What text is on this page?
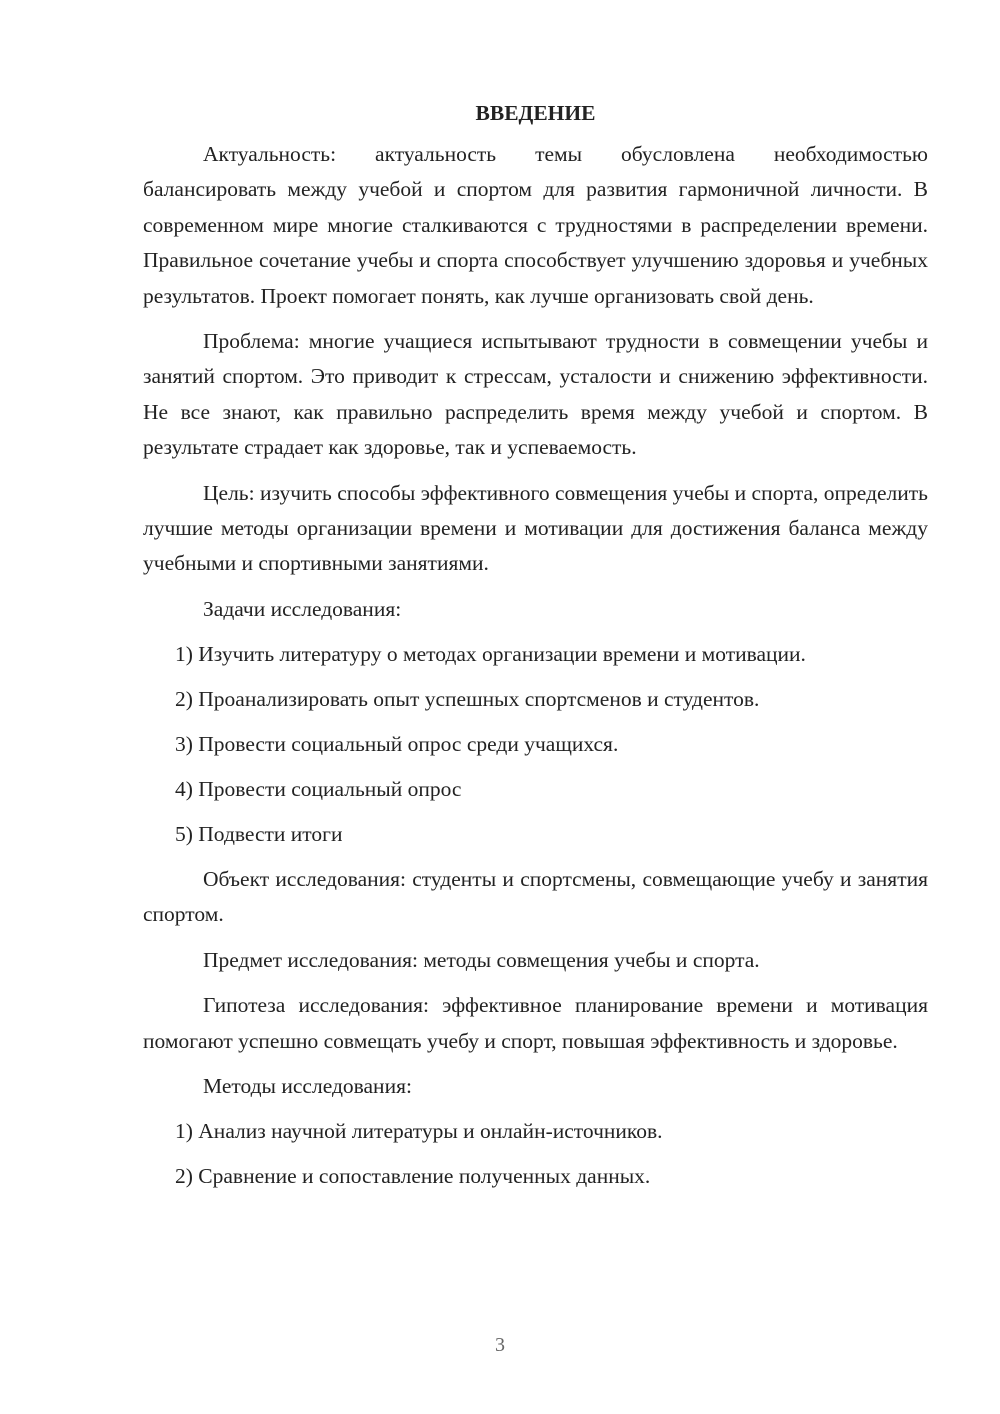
ВВЕДЕНИЕ

Актуальность: актуальность темы обусловлена необходимостью балансировать между учебой и спортом для развития гармоничной личности. В современном мире многие сталкиваются с трудностями в распределении времени. Правильное сочетание учебы и спорта способствует улучшению здоровья и учебных результатов. Проект помогает понять, как лучше организовать свой день.

Проблема: многие учащиеся испытывают трудности в совмещении учебы и занятий спортом. Это приводит к стрессам, усталости и снижению эффективности. Не все знают, как правильно распределить время между учебой и спортом. В результате страдает как здоровье, так и успеваемость.

Цель: изучить способы эффективного совмещения учебы и спорта, определить лучшие методы организации времени и мотивации для достижения баланса между учебными и спортивными занятиями.

Задачи исследования:

1) Изучить литературу о методах организации времени и мотивации.
2) Проанализировать опыт успешных спортсменов и студентов.
3) Провести социальный опрос среди учащихся.
4) Провести социальный опрос
5) Подвести итоги

Объект исследования: студенты и спортсмены, совмещающие учебу и занятия спортом.

Предмет исследования: методы совмещения учебы и спорта.

Гипотеза исследования: эффективное планирование времени и мотивация помогают успешно совмещать учебу и спорт, повышая эффективность и здоровье.

Методы исследования:

1) Анализ научной литературы и онлайн-источников.
2) Сравнение и сопоставление полученных данных.
3
